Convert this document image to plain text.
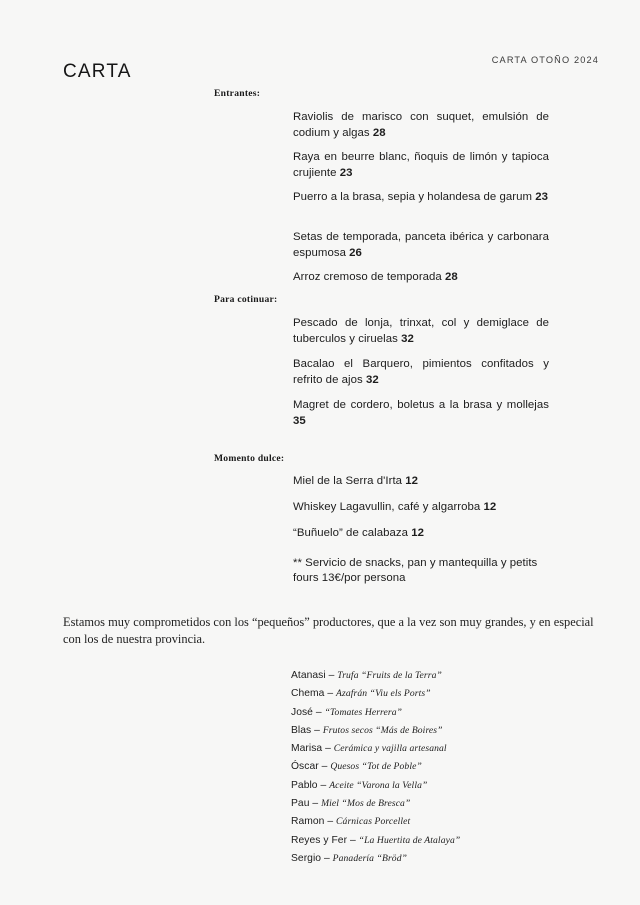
CARTA
CARTA OTOÑO 2024
Entrantes:
Raviolis de marisco con suquet, emulsión de codium y algas 28
Raya en beurre blanc, ñoquis de limón y tapioca crujiente 23
Puerro a la brasa, sepia y holandesa de garum 23
Setas de temporada, panceta ibérica y carbonara espumosa 26
Arroz cremoso de temporada 28
Para cotinuar:
Pescado de lonja, trinxat, col y demiglace de tuberculos y ciruelas 32
Bacalao el Barquero, pimientos confitados y refrito de ajos 32
Magret de cordero, boletus a la brasa y mollejas 35
Momento dulce:
Miel de la Serra d'Irta 12
Whiskey Lagavullin, café y algarroba 12
“Buñuelo” de calabaza 12
** Servicio de snacks, pan y mantequilla y petits fours 13€/por persona
Estamos muy comprometidos con los “pequeños” productores, que a la vez son muy grandes, y en especial con los de nuestra provincia.
Atanasi – Trufa “Fruits de la Terra”
Chema – Azafrán “Viu els Ports”
José – “Tomates Herrera”
Blas – Frutos secos “Más de Boires”
Marisa – Cerámica y vajilla artesanal
Óscar – Quesos “Tot de Poble”
Pablo – Aceite “Varona la Vella”
Pau – Miel “Mos de Bresca”
Ramon – Cárnicas Porcellet
Reyes y Fer – “La Huertita de Atalaya”
Sergio – Panadería “Bröd”
